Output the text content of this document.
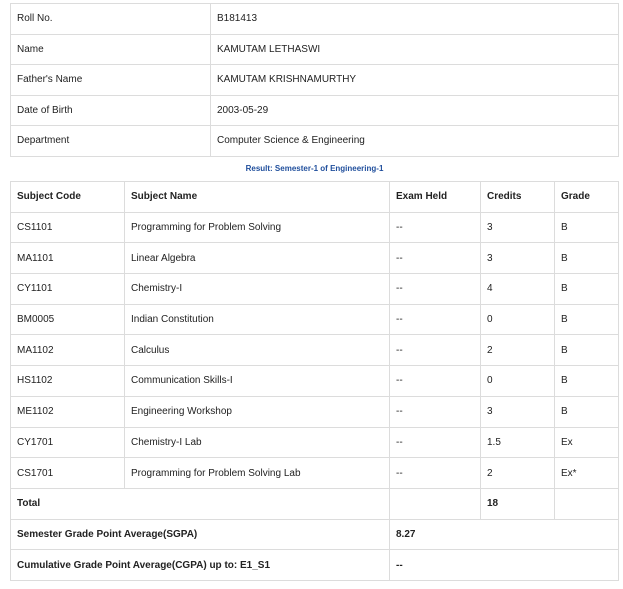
Roll No.	B181413
Name	KAMUTAM LETHASWI
Father's Name	KAMUTAM KRISHNAMURTHY
Date of Birth	2003-05-29
Department	Computer Science & Engineering
Result: Semester-1 of Engineering-1
Subject Code	Subject Name	Exam Held	Credits	Grade
CS1101	Programming for Problem Solving	--	3	B
MA1101	Linear Algebra	--	3	B
CY1101	Chemistry-I	--	4	B
BM0005	Indian Constitution	--	0	B
MA1102	Calculus	--	2	B
HS1102	Communication Skills-I	--	0	B
ME1102	Engineering Workshop	--	3	B
CY1701	Chemistry-I Lab	--	1.5	Ex
CS1701	Programming for Problem Solving Lab	--	2	Ex*
Total			18	
Semester Grade Point Average(SGPA)		8.27		
Cumulative Grade Point Average(CGPA) up to: E1_S1		--		
